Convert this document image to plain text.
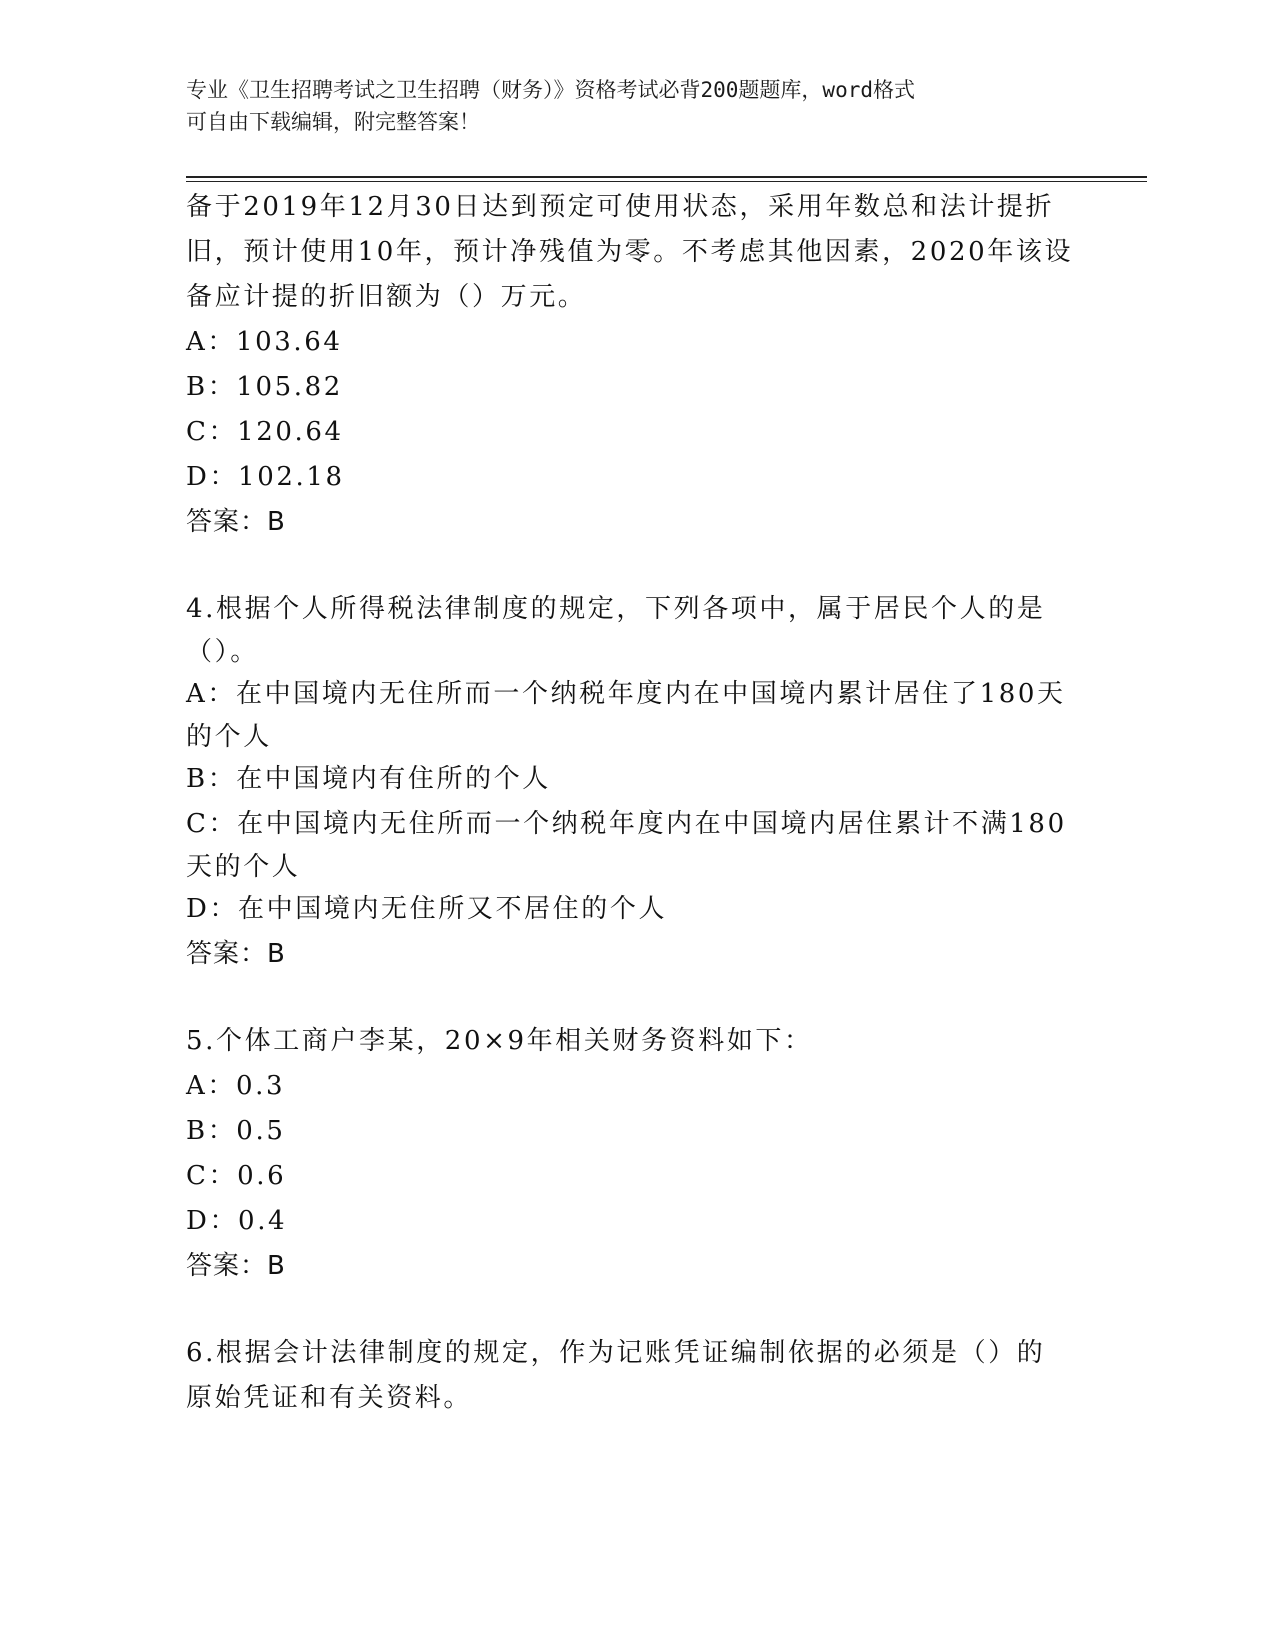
专业《卫生招聘考试之卫生招聘（财务）》资格考试必背200题题库，word格式
可自由下载编辑，附完整答案！
备于2019年12月30日达到预定可使用状态，采用年数总和法计提折
旧，预计使用10年，预计净残值为零。不考虑其他因素，2020年该设
备应计提的折旧额为（）万元。
A：103.64
B：105.82
C：120.64
D：102.18
答案：B
4.根据个人所得税法律制度的规定，下列各项中，属于居民个人的是
（）。
A：在中国境内无住所而一个纳税年度内在中国境内累计居住了180天
的个人
B：在中国境内有住所的个人
C：在中国境内无住所而一个纳税年度内在中国境内居住累计不满180
天的个人
D：在中国境内无住所又不居住的个人
答案：B
5.个体工商户李某，20×9年相关财务资料如下：
A：0.3
B：0.5
C：0.6
D：0.4
答案：B
6.根据会计法律制度的规定，作为记账凭证编制依据的必须是（）的
原始凭证和有关资料。
